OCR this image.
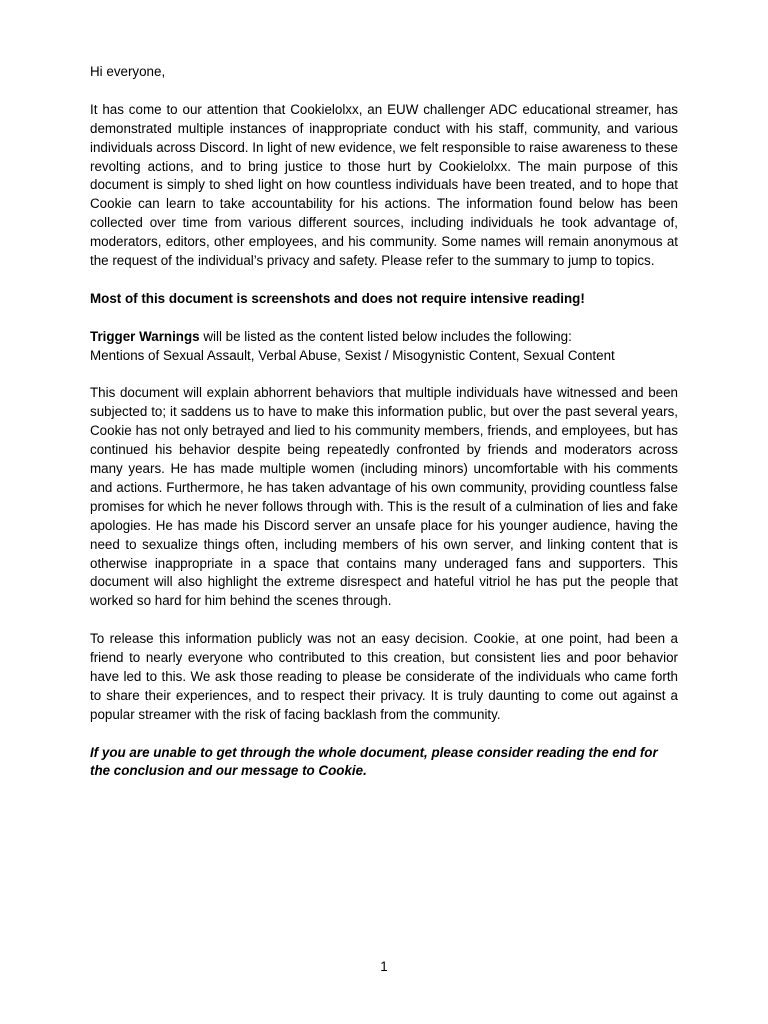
Hi everyone,

It has come to our attention that Cookielolxx, an EUW challenger ADC educational streamer, has demonstrated multiple instances of inappropriate conduct with his staff, community, and various individuals across Discord. In light of new evidence, we felt responsible to raise awareness to these revolting actions, and to bring justice to those hurt by Cookielolxx. The main purpose of this document is simply to shed light on how countless individuals have been treated, and to hope that Cookie can learn to take accountability for his actions. The information found below has been collected over time from various different sources, including individuals he took advantage of, moderators, editors, other employees, and his community. Some names will remain anonymous at the request of the individual’s privacy and safety. Please refer to the summary to jump to topics.

Most of this document is screenshots and does not require intensive reading!

Trigger Warnings will be listed as the content listed below includes the following:
Mentions of Sexual Assault, Verbal Abuse, Sexist / Misogynistic Content, Sexual Content

This document will explain abhorrent behaviors that multiple individuals have witnessed and been subjected to; it saddens us to have to make this information public, but over the past several years, Cookie has not only betrayed and lied to his community members, friends, and employees, but has continued his behavior despite being repeatedly confronted by friends and moderators across many years. He has made multiple women (including minors) uncomfortable with his comments and actions. Furthermore, he has taken advantage of his own community, providing countless false promises for which he never follows through with. This is the result of a culmination of lies and fake apologies. He has made his Discord server an unsafe place for his younger audience, having the need to sexualize things often, including members of his own server, and linking content that is otherwise inappropriate in a space that contains many underaged fans and supporters. This document will also highlight the extreme disrespect and hateful vitriol he has put the people that worked so hard for him behind the scenes through.

To release this information publicly was not an easy decision. Cookie, at one point, had been a friend to nearly everyone who contributed to this creation, but consistent lies and poor behavior have led to this. We ask those reading to please be considerate of the individuals who came forth to share their experiences, and to respect their privacy. It is truly daunting to come out against a popular streamer with the risk of facing backlash from the community.

If you are unable to get through the whole document, please consider reading the end for the conclusion and our message to Cookie.

1
